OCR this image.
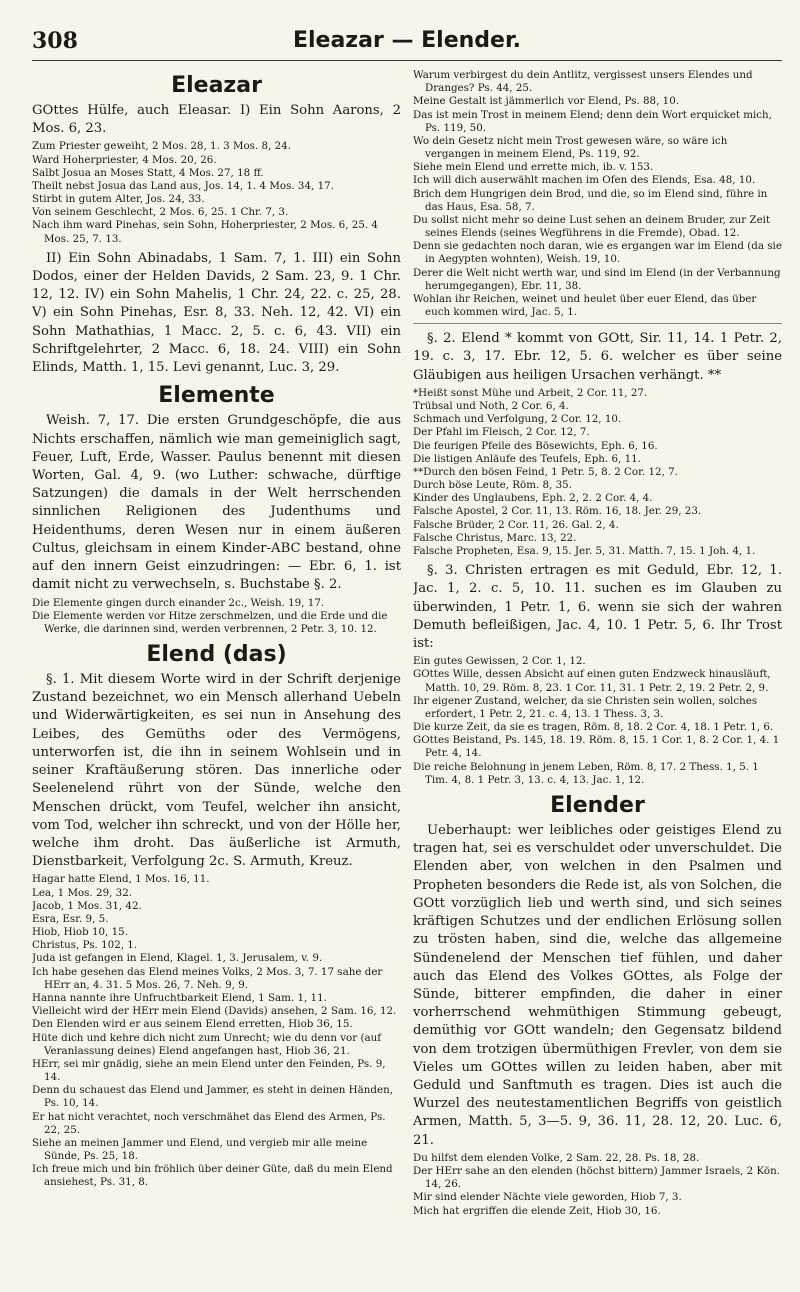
308	Eleazar — Elender.
Eleazar

GOttes Hülfe, auch Eleasar. I) Ein Sohn Aarons, 2 Mos. 6, 23.

Zum Priester geweiht, 2 Mos. 28, 1. 3 Mos. 8, 24.
Ward Hoherpriester, 4 Mos. 20, 26.
Salbt Josua an Moses Statt, 4 Mos. 27, 18 ff.
Theilt nebst Josua das Land aus, Jos. 14, 1. 4 Mos. 34, 17.
Stirbt in gutem Alter, Jos. 24, 33.
Von seinem Geschlecht, 2 Mos. 6, 25. 1 Chr. 7, 3.
Nach ihm ward Pinehas, sein Sohn, Hoherpriester, 2 Mos. 6, 25. 4 Mos. 25, 7. 13.

II) Ein Sohn Abinadabs, 1 Sam. 7, 1. III) ein Sohn Dodos, einer der Helden Davids, 2 Sam. 23, 9. 1 Chr. 12, 12. IV) ein Sohn Mahelis, 1 Chr. 24, 22. c. 25, 28. V) ein Sohn Pinehas, Esr. 8, 33. Neh. 12, 42. VI) ein Sohn Mathathias, 1 Macc. 2, 5. c. 6, 43. VII) ein Schriftgelehrter, 2 Macc. 6, 18. 24. VIII) ein Sohn Elinds, Matth. 1, 15. Levi genannt, Luc. 3, 29.

Elemente

Weish. 7, 17. Die ersten Grundgeschöpfe, die aus Nichts erschaffen, nämlich wie man gemeiniglich sagt, Feuer, Luft, Erde, Wasser. Paulus benennt mit diesen Worten, Gal. 4, 9. (wo Luther: schwache, dürftige Satzungen) die damals in der Welt herrschenden sinnlichen Religionen des Judenthums und Heidenthums, deren Wesen nur in einem äußeren Cultus, gleichsam in einem Kinder-ABC bestand, ohne auf den innern Geist einzudringen: — Ebr. 6, 1. ist damit nicht zu verwechseln, s. Buchstabe §. 2.

Die Elemente gingen durch einander 2c., Weish. 19, 17.
Die Elemente werden vor Hitze zerschmelzen, und die Erde und die Werke, die darinnen sind, werden verbrennen, 2 Petr. 3, 10. 12.
Elend (das)

§. 1. Mit diesem Worte wird in der Schrift derjenige Zustand bezeichnet, wo ein Mensch allerhand Uebeln und Widerwärtigkeiten, es sei nun in Ansehung des Leibes, des Gemüths oder des Vermögens, unterworfen ist, die ihn in seinem Wohlsein und in seiner Kraftäußerung stören. Das innerliche oder Seelenelend rührt von der Sünde, welche den Menschen drückt, vom Teufel, welcher ihn ansicht, vom Tod, welcher ihn schreckt, und von der Hölle her, welche ihm droht. Das äußerliche ist Armuth, Dienstbarkeit, Verfolgung 2c. S. Armuth, Kreuz.

Hagar hatte Elend, 1 Mos. 16, 11.
Lea, 1 Mos. 29, 32.
Jacob, 1 Mos. 31, 42.
Esra, Esr. 9, 5.
Hiob, Hiob 10, 15.
Christus, Ps. 102, 1.
Juda ist gefangen in Elend, Klagel. 1, 3. Jerusalem, v. 9.
Ich habe gesehen das Elend meines Volks, 2 Mos. 3, 7. 17 sahe der HErr an, 4. 31. 5 Mos. 26, 7. Neh. 9, 9.
Hanna nannte ihre Unfruchtbarkeit Elend, 1 Sam. 1, 11.
Vielleicht wird der HErr mein Elend (Davids) ansehen, 2 Sam. 16, 12.
Den Elenden wird er aus seinem Elend erretten, Hiob 36, 15.
Hüte dich und kehre dich nicht zum Unrecht; wie du denn vor (auf Veranlassung deines) Elend angefangen hast, Hiob 36, 21.
HErr, sei mir gnädig, siehe an mein Elend unter den Feinden, Ps. 9, 14.
Denn du schauest das Elend und Jammer, es steht in deinen Händen, Ps. 10, 14.
Er hat nicht verachtet, noch verschmähet das Elend des Armen, Ps. 22, 25.
Siehe an meinen Jammer und Elend, und vergieb mir alle meine Sünde, Ps. 25, 18.
Ich freue mich und bin fröhlich über deiner Güte, daß du mein Elend ansiehest, Ps. 31, 8.
Warum verbirgest du dein Antlitz, vergissest unsers Elendes und Dranges? Ps. 44, 25.
Meine Gestalt ist jämmerlich vor Elend, Ps. 88, 10.
Das ist mein Trost in meinem Elend; denn dein Wort erquicket mich, Ps. 119, 50.
Wo dein Gesetz nicht mein Trost gewesen wäre, so wäre ich vergangen in meinem Elend, Ps. 119, 92.
Siehe mein Elend und errette mich, ib. v. 153.
Ich will dich auserwählt machen im Ofen des Elends, Esa. 48, 10.
Brich dem Hungrigen dein Brod, und die, so im Elend sind, führe in das Haus, Esa. 58, 7.
Du sollst nicht mehr so deine Lust sehen an deinem Bruder, zur Zeit seines Elends (seines Wegführens in die Fremde), Obad. 12.
Denn sie gedachten noch daran, wie es ergangen war im Elend (da sie in Aegypten wohnten), Weish. 19, 10.
Derer die Welt nicht werth war, und sind im Elend (in der Verbannung herumgegangen), Ebr. 11, 38.
Wohlan ihr Reichen, weinet und heulet über euer Elend, das über euch kommen wird, Jac. 5, 1.

§. 2. Elend * kommt von GOtt, Sir. 11, 14. 1 Petr. 2, 19. c. 3, 17. Ebr. 12, 5. 6. welcher es über seine Gläubigen aus heiligen Ursachen verhängt. **

*Heißt sonst Mühe und Arbeit, 2 Cor. 11, 27.
Trübsal und Noth, 2 Cor. 6, 4.
Schmach und Verfolgung, 2 Cor. 12, 10.
Der Pfahl im Fleisch, 2 Cor. 12, 7.
Die feurigen Pfeile des Bösewichts, Eph. 6, 16.
Die listigen Anläufe des Teufels, Eph. 6, 11.
**Durch den bösen Feind, 1 Petr. 5, 8. 2 Cor. 12, 7.
Durch böse Leute, Röm. 8, 35.
Kinder des Unglaubens, Eph. 2, 2. 2 Cor. 4, 4.
Falsche Apostel, 2 Cor. 11, 13. Röm. 16, 18. Jer. 29, 23.
Falsche Brüder, 2 Cor. 11, 26. Gal. 2, 4.
Falsche Christus, Marc. 13, 22.
Falsche Propheten, Esa. 9, 15. Jer. 5, 31. Matth. 7, 15. 1 Joh. 4, 1.

§. 3. Christen ertragen es mit Geduld, Ebr. 12, 1. Jac. 1, 2. c. 5, 10. 11. suchen es im Glauben zu überwinden, 1 Petr. 1, 6. wenn sie sich der wahren Demuth befleißigen, Jac. 4, 10. 1 Petr. 5, 6. Ihr Trost ist:

Ein gutes Gewissen, 2 Cor. 1, 12.
GOttes Wille, dessen Absicht auf einen guten Endzweck hinausläuft, Matth. 10, 29. Röm. 8, 23. 1 Cor. 11, 31. 1 Petr. 2, 19. 2 Petr. 2, 9.
Ihr eigener Zustand, welcher, da sie Christen sein wollen, solches erfordert, 1 Petr. 2, 21. c. 4, 13. 1 Thess. 3, 3.
Die kurze Zeit, da sie es tragen, Röm. 8, 18. 2 Cor. 4, 18. 1 Petr. 1, 6.
GOttes Beistand, Ps. 145, 18. 19. Röm. 8, 15. 1 Cor. 1, 8. 2 Cor. 1, 4. 1 Petr. 4, 14.
Die reiche Belohnung in jenem Leben, Röm. 8, 17. 2 Thess. 1, 5. 1 Tim. 4, 8. 1 Petr. 3, 13. c. 4, 13. Jac. 1, 12.
Elender

Ueberhaupt: wer leibliches oder geistiges Elend zu tragen hat, sei es verschuldet oder unverschuldet. Die Elenden aber, von welchen in den Psalmen und Propheten besonders die Rede ist, als von Solchen, die GOtt vorzüglich lieb und werth sind, und sich seines kräftigen Schutzes und der endlichen Erlösung sollen zu trösten haben, sind die, welche das allgemeine Sündenelend der Menschen tief fühlen, und daher auch das Elend des Volkes GOttes, als Folge der Sünde, bitterer empfinden, die daher in einer vorherrschend wehmüthigen Stimmung gebeugt, demüthig vor GOtt wandeln; den Gegensatz bildend von dem trotzigen übermüthigen Frevler, von dem sie Vieles um GOttes willen zu leiden haben, aber mit Geduld und Sanftmuth es tragen. Dies ist auch die Wurzel des neutestamentlichen Begriffs von geistlich Armen, Matth. 5, 3—5. 9, 36. 11, 28. 12, 20. Luc. 6, 21.

Du hilfst dem elenden Volke, 2 Sam. 22, 28. Ps. 18, 28.
Der HErr sahe an den elenden (höchst bittern) Jammer Israels, 2 Kön. 14, 26.
Mir sind elender Nächte viele geworden, Hiob 7, 3.
Mich hat ergriffen die elende Zeit, Hiob 30, 16.
